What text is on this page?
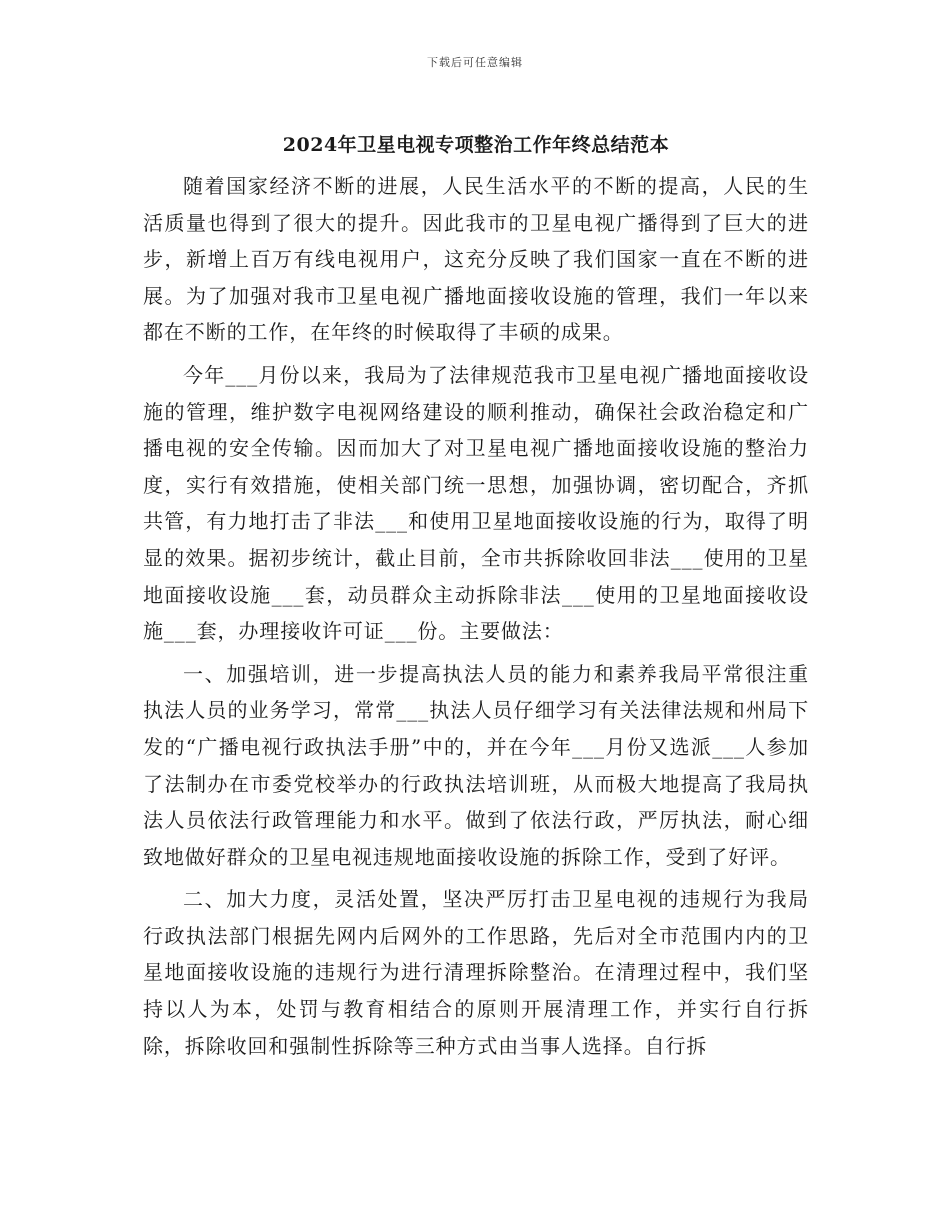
下载后可任意编辑
2024年卫星电视专项整治工作年终总结范本

随着国家经济不断的进展，人民生活水平的不断的提高，人民的生活质量也得到了很大的提升。因此我市的卫星电视广播得到了巨大的进步，新增上百万有线电视用户，这充分反映了我们国家一直在不断的进展。为了加强对我市卫星电视广播地面接收设施的管理，我们一年以来都在不断的工作，在年终的时候取得了丰硕的成果。

今年___月份以来，我局为了法律规范我市卫星电视广播地面接收设施的管理，维护数字电视网络建设的顺利推动，确保社会政治稳定和广播电视的安全传输。因而加大了对卫星电视广播地面接收设施的整治力度，实行有效措施，使相关部门统一思想，加强协调，密切配合，齐抓共管，有力地打击了非法___和使用卫星地面接收设施的行为，取得了明显的效果。据初步统计，截止目前，全市共拆除收回非法___使用的卫星地面接收设施___套，动员群众主动拆除非法___使用的卫星地面接收设施___套，办理接收许可证___份。主要做法：

一、加强培训，进一步提高执法人员的能力和素养我局平常很注重执法人员的业务学习，常常___执法人员仔细学习有关法律法规和州局下发的“广播电视行政执法手册”中的，并在今年___月份又选派___人参加了法制办在市委党校举办的行政执法培训班，从而极大地提高了我局执法人员依法行政管理能力和水平。做到了依法行政，严厉执法，耐心细致地做好群众的卫星电视违规地面接收设施的拆除工作，受到了好评。

二、加大力度，灵活处置，坚决严厉打击卫星电视的违规行为我局行政执法部门根据先网内后网外的工作思路，先后对全市范围内内的卫星地面接收设施的违规行为进行清理拆除整治。在清理过程中，我们坚持以人为本，处罚与教育相结合的原则开展清理工作，并实行自行拆除，拆除收回和强制性拆除等三种方式由当事人选择。自行拆
